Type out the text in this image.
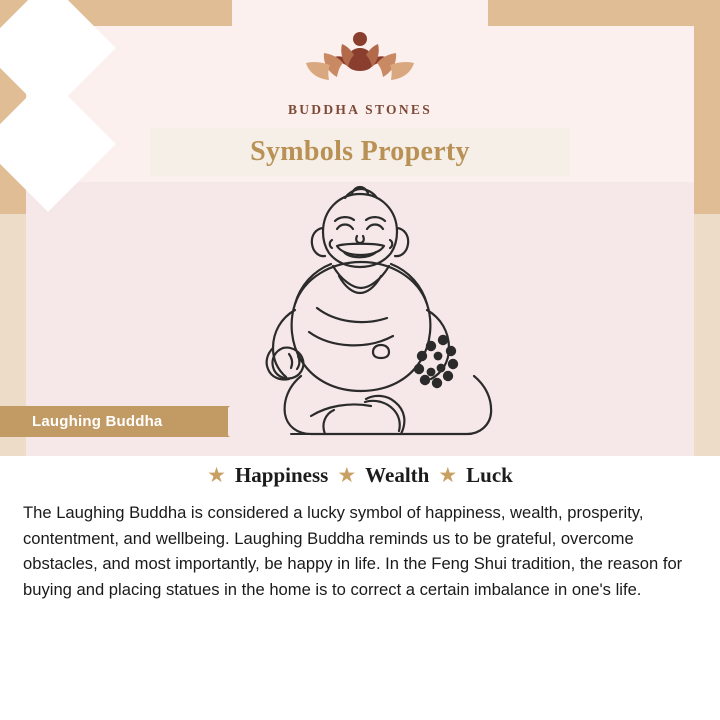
BUDDHA STONES
Symbols Property
Laughing Buddha
★ Happiness ★ Wealth ★ Luck
The Laughing Buddha is considered a lucky symbol of happiness, wealth, prosperity, contentment, and wellbeing. Laughing Buddha reminds us to be grateful, overcome obstacles, and most importantly, be happy in life. In the Feng Shui tradition, the reason for buying and placing statues in the home is to correct a certain imbalance in one's life.
